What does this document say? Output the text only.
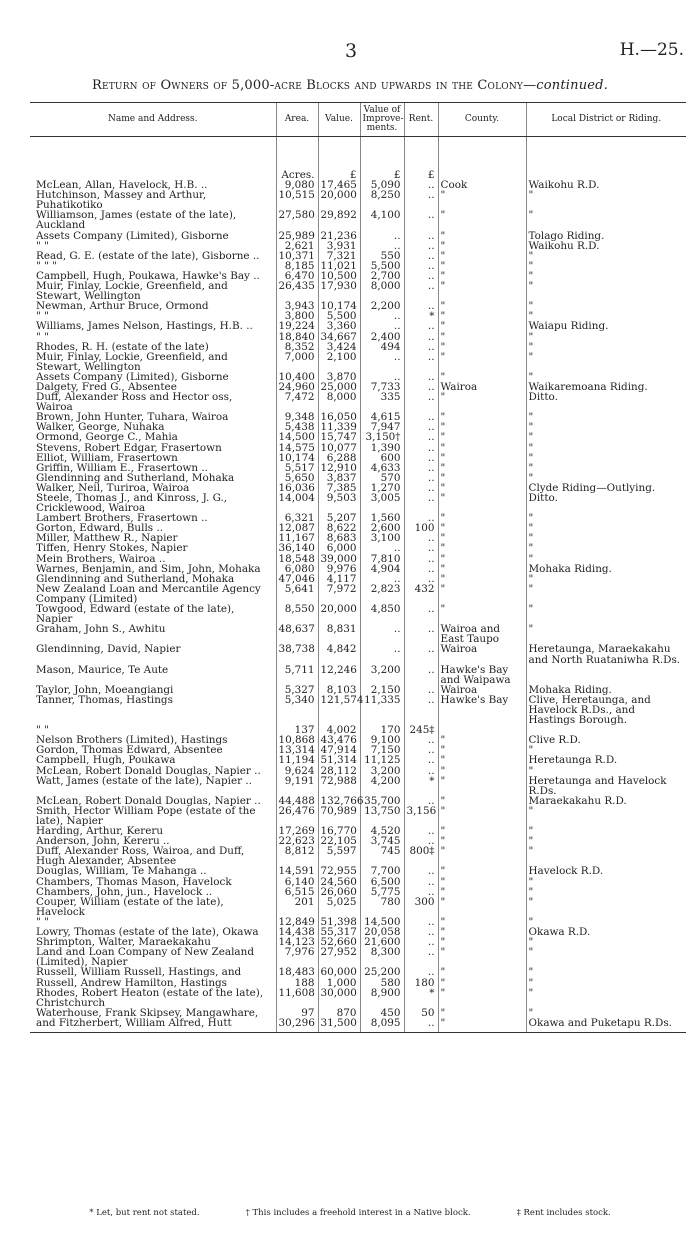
3	H.—25.
Return of Owners of 5,000-acre Blocks and upwards in the Colony—continued.
Name and Address.	Area.	Value.	Value of Improve-ments.	Rent.	County.	Local District or Riding.
	Acres.	£	£	£		
McLean, Allan, Havelock, H.B. ..	9,080	17,465	5,090	..	Cook	Waikohu R.D.
Hutchinson, Massey and Arthur, Puhatikotiko	10,515	20,000	8,250	..	"	"
Williamson, James (estate of the late), Auckland	27,580	29,892	4,100	..	"	"
Assets Company (Limited), Gisborne	25,989	21,236	..	..	"	Tolago Riding.
" "	2,621	3,931	..	..	"	Waikohu R.D.
Read, G. E. (estate of the late), Gisborne ..	10,371	7,321	550	..	"	"
" " "	8,185	11,021	5,500	..	"	"
Campbell, Hugh, Poukawa, Hawke's Bay ..	6,470	10,500	2,700	..	"	"
Muir, Finlay, Lockie, Greenfield, and Stewart, Wellington	26,435	17,930	8,000	..	"	"
Newman, Arthur Bruce, Ormond	3,943	10,174	2,200	..	"	"
" "	3,800	5,500	..	*	"	"
Williams, James Nelson, Hastings, H.B. ..	19,224	3,360	..	..	"	Waiapu Riding.
" "	18,840	34,667	2,400	..	"	"
Rhodes, R. H. (estate of the late)	8,352	3,424	494	..	"	"
Muir, Finlay, Lockie, Greenfield, and Stewart, Wellington	7,000	2,100	..	..	"	"
Assets Company (Limited), Gisborne	10,400	3,870	..	..	"	"
Dalgety, Fred G., Absentee	24,960	25,000	7,733	..	Wairoa	Waikaremoana Riding.
Duff, Alexander Ross and Hector oss, Wairoa	7,472	8,000	335	..	"	Ditto.
Brown, John Hunter, Tuhara, Wairoa	9,348	16,050	4,615	..	"	"
Walker, George, Nuhaka	5,438	11,339	7,947	..	"	"
Ormond, George C., Mahia	14,500	15,747	3,150†	..	"	"
Stevens, Robert Edgar, Frasertown	14,575	10,077	1,390	..	"	"
Elliot, William, Frasertown	10,174	6,288	600	..	"	"
Griffin, William E., Frasertown ..	5,517	12,910	4,633	..	"	"
Glendinning and Sutherland, Mohaka	5,650	3,837	570	..	"	"
Walker, Neil, Turiroa, Wairoa	16,036	7,385	1,270	..	"	Clyde Riding—Outlying.
Steele, Thomas J., and Kinross, J. G., Cricklewood, Wairoa	14,004	9,503	3,005	..	"	Ditto.
Lambert Brothers, Frasertown ..	6,321	5,207	1,560	..	"	"
Gorton, Edward, Bulls ..	12,087	8,622	2,600	100	"	"
Miller, Matthew R., Napier	11,167	8,683	3,100	..	"	"
Tiffen, Henry Stokes, Napier	36,140	6,000	..	..	"	"
Mein Brothers, Wairoa ..	18,548	39,000	7,810	..	"	"
Warnes, Benjamin, and Sim, John, Mohaka	6,080	9,976	4,904	..	"	Mohaka Riding.
Glendinning and Sutherland, Mohaka	47,046	4,117	..	..	"	"
New Zealand Loan and Mercantile Agency Company (Limited)	5,641	7,972	2,823	432	"	"
Towgood, Edward (estate of the late), Napier	8,550	20,000	4,850	..	"	"
Graham, John S., Awhitu	48,637	8,831	..	..	Wairoa and East Taupo	"
Glendinning, David, Napier	38,738	4,842	..	..	Wairoa	Heretaunga, Maraekakahu and North Ruataniwha R.Ds.
Mason, Maurice, Te Aute	5,711	12,246	3,200	..	Hawke's Bay and Waipawa	
Taylor, John, Moeangiangi	5,327	8,103	2,150	..	Wairoa	Mohaka Riding.
Tanner, Thomas, Hastings	5,340	121,574	11,335	..	Hawke's Bay	Clive, Heretaunga, and Havelock R.Ds., and Hastings Borough.
" "	137	4,002	170	245‡		
Nelson Brothers (Limited), Hastings	10,868	43,476	9,100	..	"	Clive R.D.
Gordon, Thomas Edward, Absentee	13,314	47,914	7,150	..	"	"
Campbell, Hugh, Poukawa	11,194	51,314	11,125	..	"	Heretaunga R.D.
McLean, Robert Donald Douglas, Napier ..	9,624	28,112	3,200	..	"	"
Watt, James (estate of the late), Napier ..	9,191	72,988	4,200	*	"	Heretaunga and Havelock R.Ds.
McLean, Robert Donald Douglas, Napier ..	44,488	132,766	35,700	..	"	Maraekakahu R.D.
Smith, Hector William Pope (estate of the late), Napier	26,476	70,989	13,750	3,156	"	"
Harding, Arthur, Kereru	17,269	16,770	4,520	..	"	"
Anderson, John, Kereru ..	22,623	22,105	3,745	..	"	"
Duff, Alexander Ross, Wairoa, and Duff, Hugh Alexander, Absentee	8,812	5,597	745	800‡	"	"
Douglas, William, Te Mahanga ..	14,591	72,955	7,700	..	"	Havelock R.D.
Chambers, Thomas Mason, Havelock	6,140	24,560	6,500	..	"	"
Chambers, John, jun., Havelock ..	6,515	26,060	5,775	..	"	"
Couper, William (estate of the late), Havelock	201	5,025	780	300	"	"
" "	12,849	51,398	14,500	..	"	"
Lowry, Thomas (estate of the late), Okawa	14,438	55,317	20,058	..	"	Okawa R.D.
Shrimpton, Walter, Maraekakahu	14,123	52,660	21,600	..	"	"
Land and Loan Company of New Zealand (Limited), Napier	7,976	27,952	8,300	..	"	"
Russell, William Russell, Hastings, and	18,483	60,000	25,200	..	"	"
Russell, Andrew Hamilton, Hastings	188	1,000	580	180	"	"
Rhodes, Robert Heaton (estate of the late), Christchurch	11,608	30,000	8,900	*	"	"
Waterhouse, Frank Skipsey, Mangawhare,	97	870	450	50	"	"
and Fitzherbert, William Alfred, Hutt	30,296	31,500	8,095	..	"	Okawa and Puketapu R.Ds.
* Let, but rent not stated.	† This includes a freehold interest in a Native block.	‡ Rent includes stock.
